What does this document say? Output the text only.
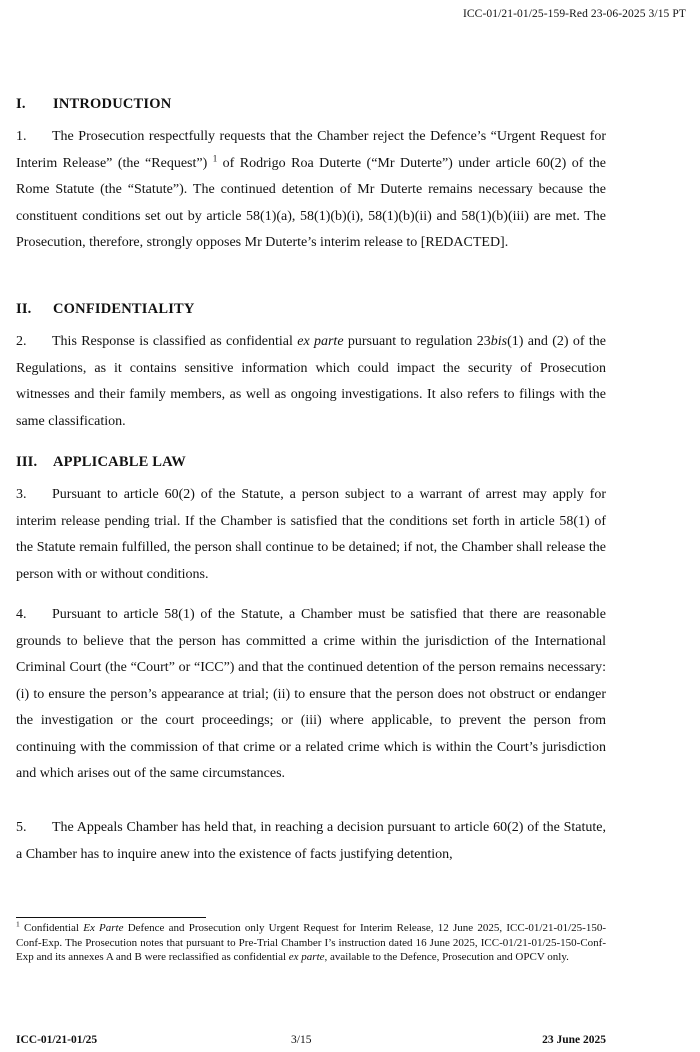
ICC-01/21-01/25-159-Red 23-06-2025 3/15 PT
I.	INTRODUCTION

1. The Prosecution respectfully requests that the Chamber reject the Defence’s “Urgent Request for Interim Release” (the “Request”) $^1$ of Rodrigo Roa Duterte (“Mr Duterte”) under article 60(2) of the Rome Statute (the “Statute”). The continued detention of Mr Duterte remains necessary because the constituent conditions set out by article 58(1)(a), 58(1)(b)(i), 58(1)(b)(ii) and 58(1)(b)(iii) are met. The Prosecution, therefore, strongly opposes Mr Duterte’s interim release to [REDACTED].

II.	CONFIDENTIALITY

2. This Response is classified as confidential ex parte pursuant to regulation 23bis(1) and (2) of the Regulations, as it contains sensitive information which could impact the security of Prosecution witnesses and their family members, as well as ongoing investigations. It also refers to filings with the same classification.

III.	APPLICABLE LAW

3. Pursuant to article 60(2) of the Statute, a person subject to a warrant of arrest may apply for interim release pending trial. If the Chamber is satisfied that the conditions set forth in article 58(1) of the Statute remain fulfilled, the person shall continue to be detained; if not, the Chamber shall release the person with or without conditions.

4. Pursuant to article 58(1) of the Statute, a Chamber must be satisfied that there are reasonable grounds to believe that the person has committed a crime within the jurisdiction of the International Criminal Court (the “Court” or “ICC”) and that the continued detention of the person remains necessary: (i) to ensure the person’s appearance at trial; (ii) to ensure that the person does not obstruct or endanger the investigation or the court proceedings; or (iii) where applicable, to prevent the person from continuing with the commission of that crime or a related crime which is within the Court’s jurisdiction and which arises out of the same circumstances.

5. The Appeals Chamber has held that, in reaching a decision pursuant to article 60(2) of the Statute, a Chamber has to inquire anew into the existence of facts justifying detention,

$^1$ Confidential Ex Parte Defence and Prosecution only Urgent Request for Interim Release, 12 June 2025, ICC-01/21-01/25-150-Conf-Exp. The Prosecution notes that pursuant to Pre-Trial Chamber I’s instruction dated 16 June 2025, ICC-01/21-01/25-150-Conf-Exp and its annexes A and B were reclassified as confidential ex parte, available to the Defence, Prosecution and OPCV only.
ICC-01/21-01/25	3/15	23 June 2025
